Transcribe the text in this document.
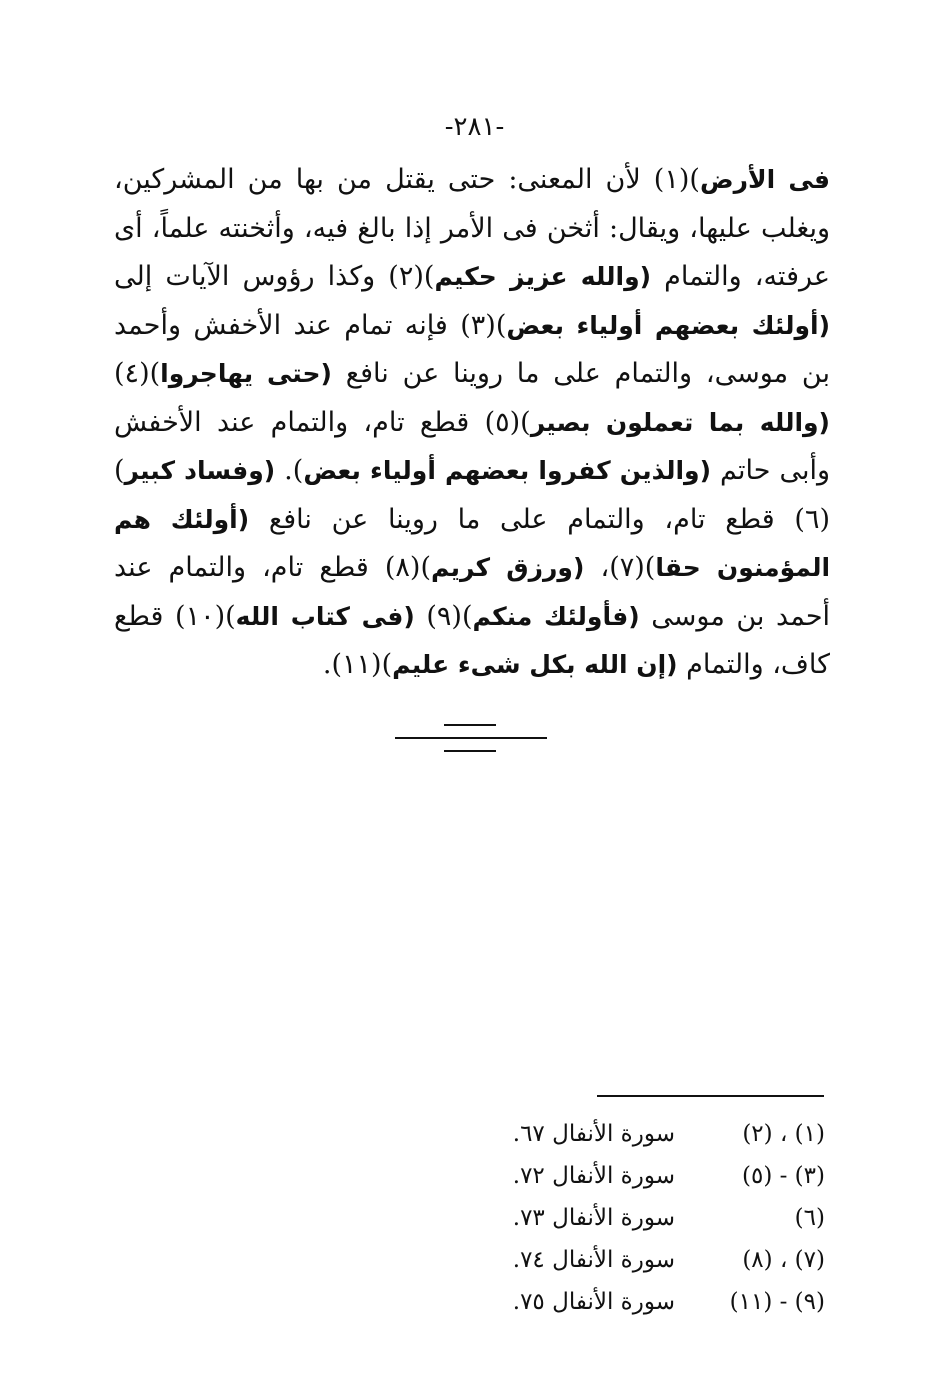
-٢٨١-
فى الأرض)(١) لأن المعنى: حتى يقتل من بها من المشركين، ويغلب عليها، ويقال: أثخن فى الأمر إذا بالغ فيه، وأثخنته علماً، أى عرفته، والتمام (والله عزيز حكيم)(٢) وكذا رؤوس الآيات إلى (أولئك بعضهم أولياء بعض)(٣) فإنه تمام عند الأخفش وأحمد بن موسى، والتمام على ما روينا عن نافع (حتى يهاجروا)(٤) (والله بما تعملون بصير)(٥) قطع تام، والتمام عند الأخفش وأبى حاتم (والذين كفروا بعضهم أولياء بعض). (وفساد كبير)(٦) قطع تام، والتمام على ما روينا عن نافع (أولئك هم المؤمنون حقا)(٧)، (ورزق كريم)(٨) قطع تام، والتمام عند أحمد بن موسى (فأولئك منكم)(٩) (فى كتاب الله)(١٠) قطع كاف، والتمام (إن الله بكل شىء عليم)(١١).
(١) ، (٢)
سورة الأنفال ٦٧.
(٣) - (٥)
سورة الأنفال ٧٢.
(٦)
سورة الأنفال ٧٣.
(٧) ، (٨)
سورة الأنفال ٧٤.
(٩) - (١١)
سورة الأنفال ٧٥.
